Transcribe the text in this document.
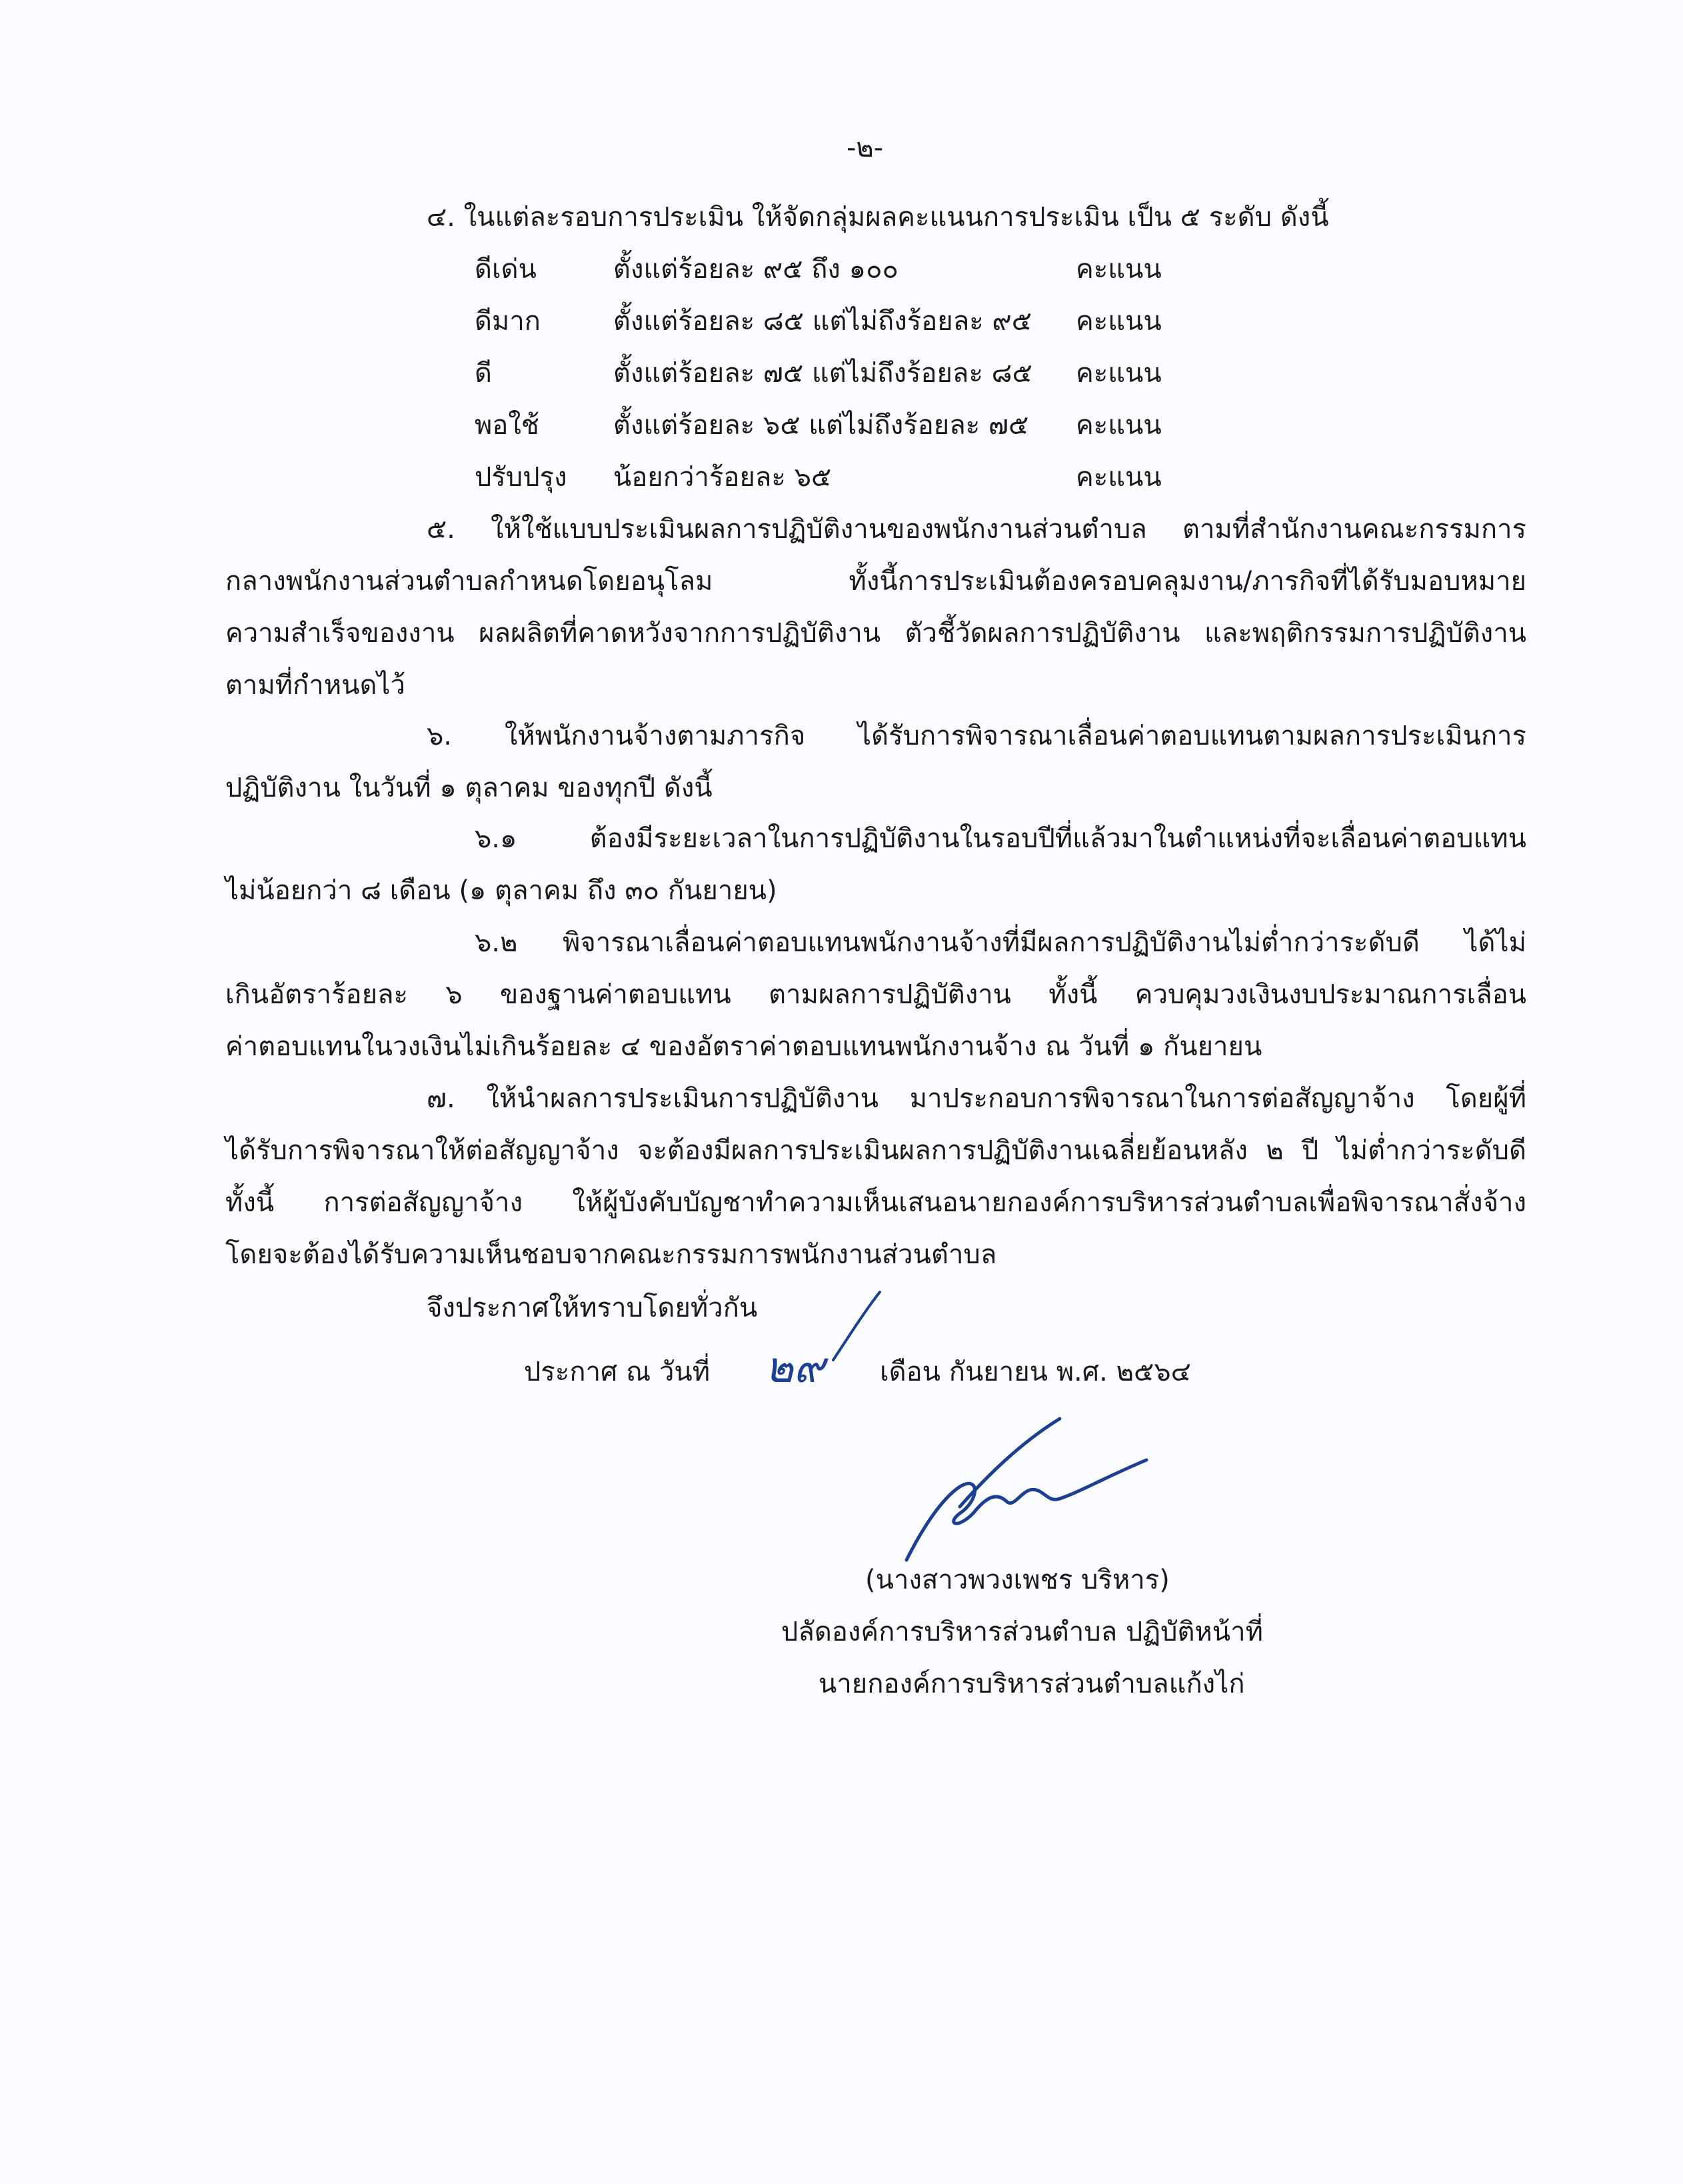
-๒-
๔. ในแต่ละรอบการประเมิน ให้จัดกลุ่มผลคะแนนการประเมิน เป็น ๕ ระดับ ดังนี้
ดีเด่น	ตั้งแต่ร้อยละ ๙๕ ถึง ๑๐๐	คะแนน
ดีมาก	ตั้งแต่ร้อยละ ๘๕ แต่ไม่ถึงร้อยละ ๙๕ คะแนน
ดี	ตั้งแต่ร้อยละ ๗๕ แต่ไม่ถึงร้อยละ ๘๕ คะแนน
พอใช้	ตั้งแต่ร้อยละ ๖๕ แต่ไม่ถึงร้อยละ ๗๕ คะแนน
ปรับปรุง น้อยกว่าร้อยละ ๖๕	คะแนน
๕. ให้ใช้แบบประเมินผลการปฏิบัติงานของพนักงานส่วนตำบล ตามที่สำนักงานคณะกรรมการ
กลางพนักงานส่วนตำบลกำหนดโดยอนุโลม ทั้งนี้การประเมินต้องครอบคลุมงาน/ภารกิจที่ได้รับมอบหมาย
ความสำเร็จของงาน ผลผลิตที่คาดหวังจากการปฏิบัติงาน ตัวชี้วัดผลการปฏิบัติงาน และพฤติกรรมการปฏิบัติงาน
ตามที่กำหนดไว้
๖. ให้พนักงานจ้างตามภารกิจ ได้รับการพิจารณาเลื่อนค่าตอบแทนตามผลการประเมินการ
ปฏิบัติงาน ในวันที่ ๑ ตุลาคม ของทุกปี ดังนี้
๖.๑ ต้องมีระยะเวลาในการปฏิบัติงานในรอบปีที่แล้วมาในตำแหน่งที่จะเลื่อนค่าตอบแทน
ไม่น้อยกว่า ๘ เดือน (๑ ตุลาคม ถึง ๓๐ กันยายน)
๖.๒ พิจารณาเลื่อนค่าตอบแทนพนักงานจ้างที่มีผลการปฏิบัติงานไม่ต่ำกว่าระดับดี ได้ไม่
เกินอัตราร้อยละ ๖ ของฐานค่าตอบแทน ตามผลการปฏิบัติงาน ทั้งนี้ ควบคุมวงเงินงบประมาณการเลื่อน
ค่าตอบแทนในวงเงินไม่เกินร้อยละ ๔ ของอัตราค่าตอบแทนพนักงานจ้าง ณ วันที่ ๑ กันยายน
๗. ให้นำผลการประเมินการปฏิบัติงาน มาประกอบการพิจารณาในการต่อสัญญาจ้าง โดยผู้ที่
ได้รับการพิจารณาให้ต่อสัญญาจ้าง จะต้องมีผลการประเมินผลการปฏิบัติงานเฉลี่ยย้อนหลัง ๒ ปี ไม่ต่ำกว่าระดับดี
ทั้งนี้ การต่อสัญญาจ้าง ให้ผู้บังคับบัญชาทำความเห็นเสนอนายกองค์การบริหารส่วนตำบลเพื่อพิจารณาสั่งจ้าง
โดยจะต้องได้รับความเห็นชอบจากคณะกรรมการพนักงานส่วนตำบล
จึงประกาศให้ทราบโดยทั่วกัน
ประกาศ ณ วันที่ ๒๙ เดือน กันยายน พ.ศ. ๒๕๖๔
(นางสาวพวงเพชร บริหาร)
ปลัดองค์การบริหารส่วนตำบล ปฏิบัติหน้าที่
นายกองค์การบริหารส่วนตำบลแก้งไก่
